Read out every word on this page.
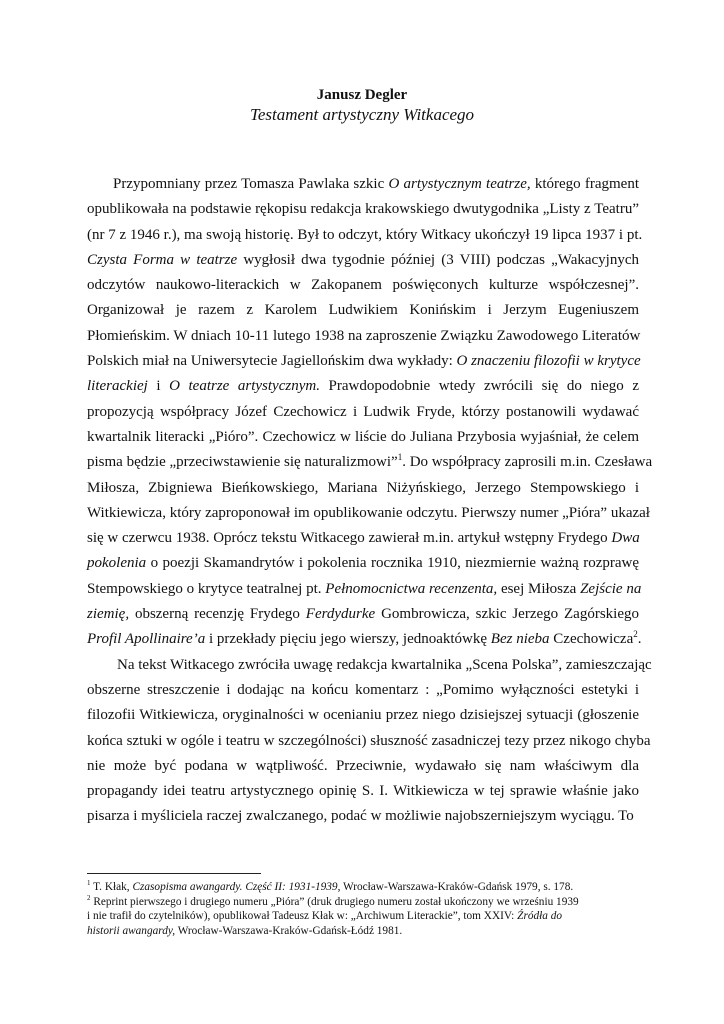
Janusz Degler
Testament artystyczny Witkacego
Przypomniany przez Tomasza Pawlaka szkic O artystycznym teatrze, którego fragment
opublikowała na podstawie rękopisu redakcja krakowskiego dwutygodnika „Listy z Teatru”
(nr 7 z 1946 r.), ma swoją historię. Był to odczyt, który Witkacy ukończył 19 lipca 1937 i pt.
Czysta Forma w teatrze wygłosił dwa tygodnie później (3 VIII) podczas „Wakacyjnych
odczytów naukowo-literackich w Zakopanem poświęconych kulturze współczesnej”.
Organizował je razem z Karolem Ludwikiem Konińskim i Jerzym Eugeniuszem
Płomieńskim. W dniach 10-11 lutego 1938 na zaproszenie Związku Zawodowego Literatów
Polskich miał na Uniwersytecie Jagiellońskim dwa wykłady: O znaczeniu filozofii w krytyce
literackiej i O teatrze artystycznym. Prawdopodobnie wtedy zwrócili się do niego z
propozycją współpracy Józef Czechowicz i Ludwik Fryde, którzy postanowili wydawać
kwartalnik literacki „Pióro”. Czechowicz w liście do Juliana Przybosia wyjaśniał, że celem
pisma będzie „przeciwstawienie się naturalizmowi”$^1$. Do współpracy zaprosili m.in. Czesława
Miłosza, Zbigniewa Bieńkowskiego, Mariana Niżyńskiego, Jerzego Stempowskiego i
Witkiewicza, który zaproponował im opublikowanie odczytu. Pierwszy numer „Pióra” ukazał
się w czerwcu 1938. Oprócz tekstu Witkacego zawierał m.in. artykuł wstępny Frydego Dwa
pokolenia o poezji Skamandrytów i pokolenia rocznika 1910, niezmiernie ważną rozprawę
Stempowskiego o krytyce teatralnej pt. Pełnomocnictwa recenzenta, esej Miłosza Zejście na
ziemię, obszerną recenzję Frydego Ferdydurke Gombrowicza, szkic Jerzego Zagórskiego
Profil Apollinaire’a i przekłady pięciu jego wierszy, jednoaktówkę Bez nieba Czechowicza$^2$.
Na tekst Witkacego zwróciła uwagę redakcja kwartalnika „Scena Polska”, zamieszczając
obszerne streszczenie i dodając na końcu komentarz : „Pomimo wyłączności estetyki i
filozofii Witkiewicza, oryginalności w ocenianiu przez niego dzisiejszej sytuacji (głoszenie
końca sztuki w ogóle i teatru w szczególności) słuszność zasadniczej tezy przez nikogo chyba
nie może być podana w wątpliwość. Przeciwnie, wydawało się nam właściwym dla
propagandy idei teatru artystycznego opinię S. I. Witkiewicza w tej sprawie właśnie jako
pisarza i myśliciela raczej zwalczanego, podać w możliwie najobszerniejszym wyciągu. To
$^1$ T. Kłak, Czasopisma awangardy. Część II: 1931-1939, Wrocław-Warszawa-Kraków-Gdańsk 1979, s. 178.
$^2$ Reprint pierwszego i drugiego numeru „Pióra” (druk drugiego numeru został ukończony we wrześniu 1939
i nie trafił do czytelników), opublikował Tadeusz Kłak w: „Archiwum Literackie”, tom XXIV: Źródła do
historii awangardy, Wrocław-Warszawa-Kraków-Gdańsk-Łódź 1981.
